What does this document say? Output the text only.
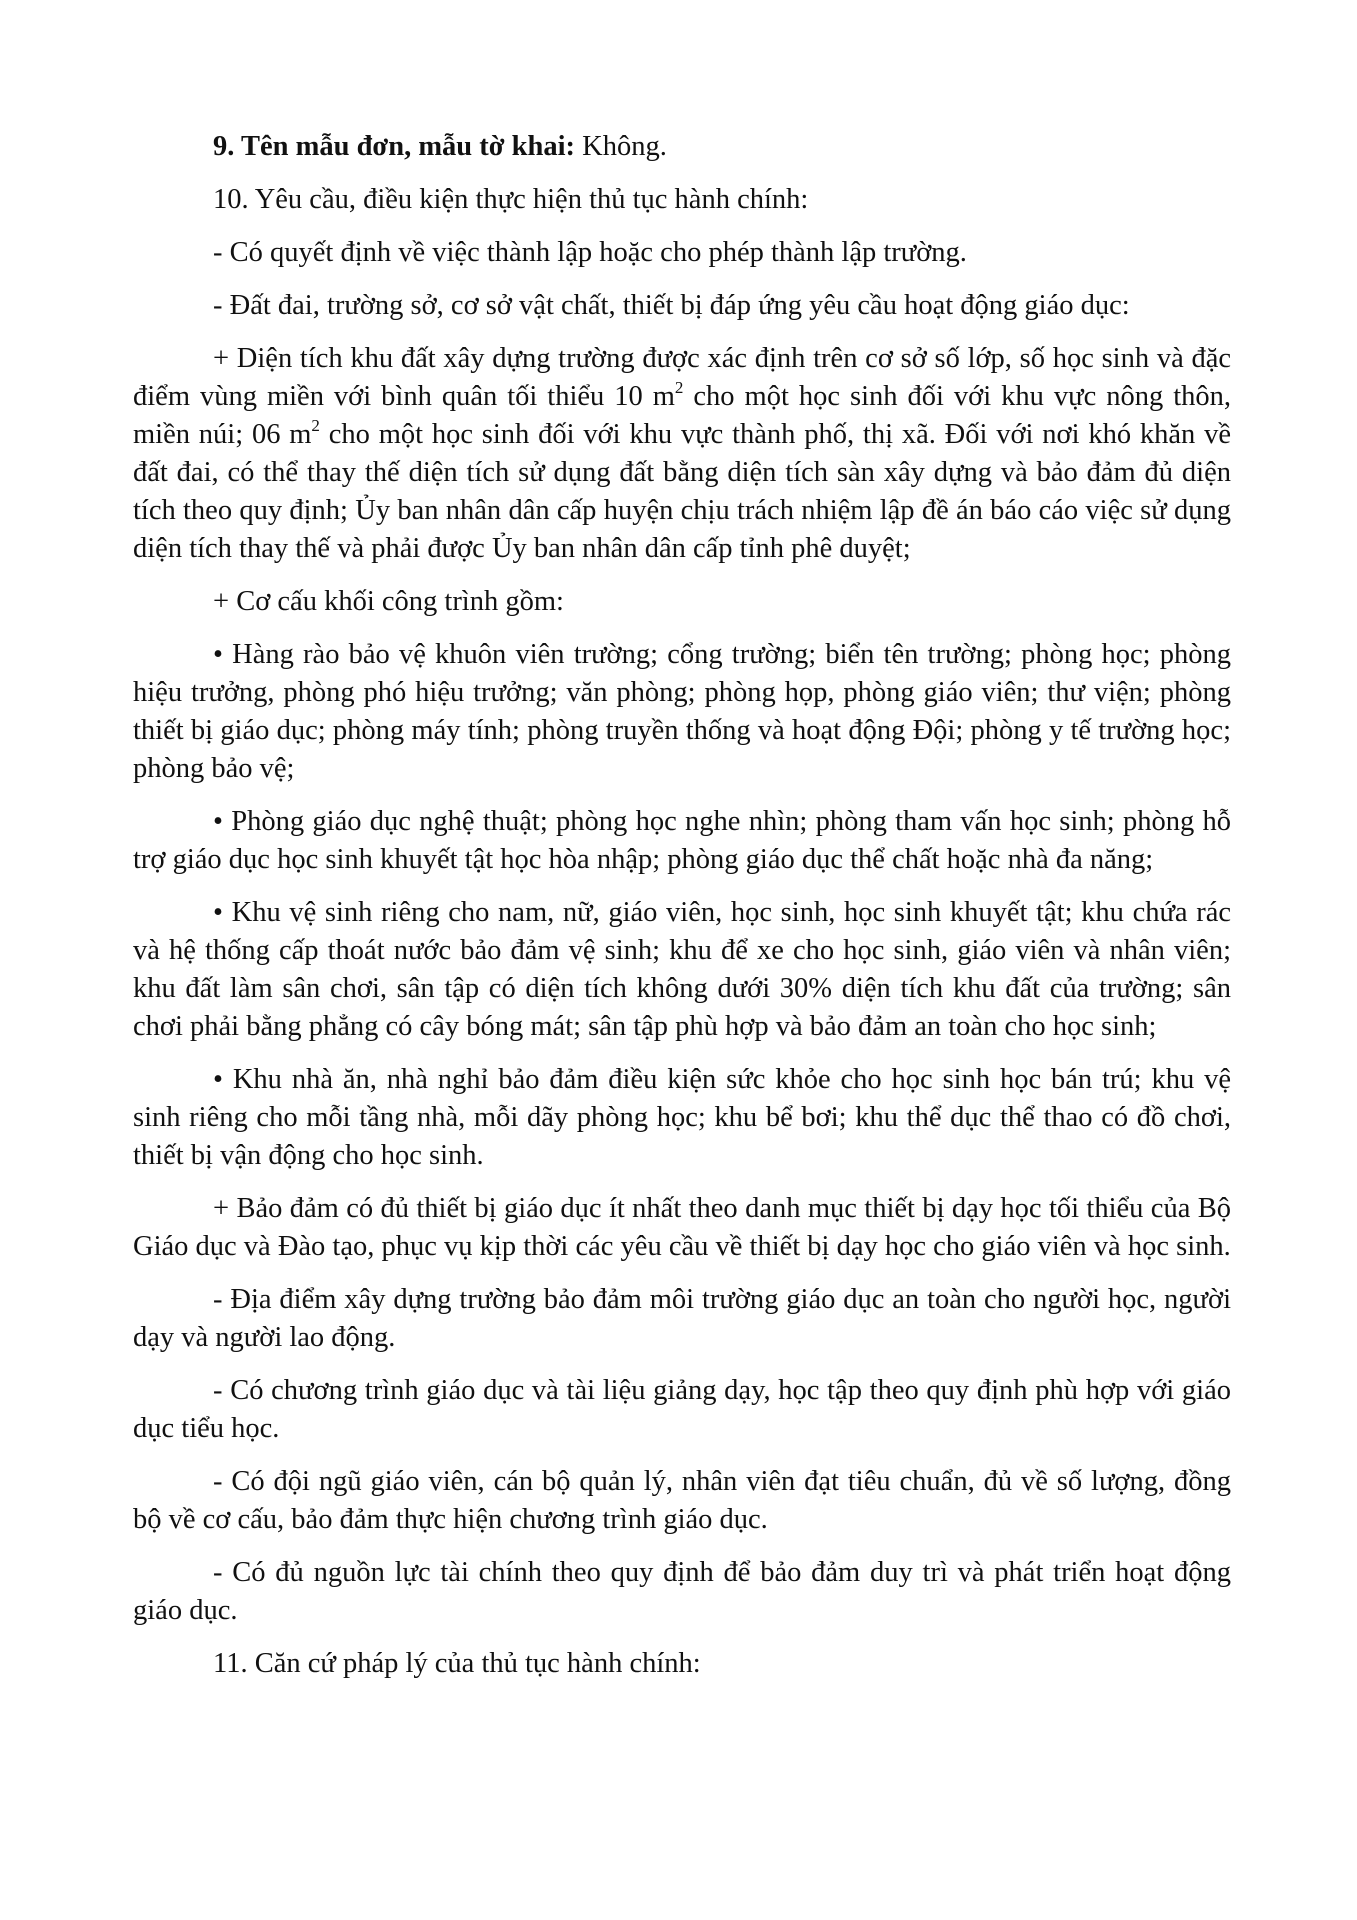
9. Tên mẫu đơn, mẫu tờ khai: Không.

10. Yêu cầu, điều kiện thực hiện thủ tục hành chính:

- Có quyết định về việc thành lập hoặc cho phép thành lập trường.

- Đất đai, trường sở, cơ sở vật chất, thiết bị đáp ứng yêu cầu hoạt động giáo dục:

+ Diện tích khu đất xây dựng trường được xác định trên cơ sở số lớp, số học sinh và đặc điểm vùng miền với bình quân tối thiểu 10 $m^2$ cho một học sinh đối với khu vực nông thôn, miền núi; 06 $m^2$ cho một học sinh đối với khu vực thành phố, thị xã. Đối với nơi khó khăn về đất đai, có thể thay thế diện tích sử dụng đất bằng diện tích sàn xây dựng và bảo đảm đủ diện tích theo quy định; Ủy ban nhân dân cấp huyện chịu trách nhiệm lập đề án báo cáo việc sử dụng diện tích thay thế và phải được Ủy ban nhân dân cấp tỉnh phê duyệt;

+ Cơ cấu khối công trình gồm:

• Hàng rào bảo vệ khuôn viên trường; cổng trường; biển tên trường; phòng học; phòng hiệu trưởng, phòng phó hiệu trưởng; văn phòng; phòng họp, phòng giáo viên; thư viện; phòng thiết bị giáo dục; phòng máy tính; phòng truyền thống và hoạt động Đội; phòng y tế trường học; phòng bảo vệ;

• Phòng giáo dục nghệ thuật; phòng học nghe nhìn; phòng tham vấn học sinh; phòng hỗ trợ giáo dục học sinh khuyết tật học hòa nhập; phòng giáo dục thể chất hoặc nhà đa năng;

• Khu vệ sinh riêng cho nam, nữ, giáo viên, học sinh, học sinh khuyết tật; khu chứa rác và hệ thống cấp thoát nước bảo đảm vệ sinh; khu để xe cho học sinh, giáo viên và nhân viên; khu đất làm sân chơi, sân tập có diện tích không dưới 30% diện tích khu đất của trường; sân chơi phải bằng phẳng có cây bóng mát; sân tập phù hợp và bảo đảm an toàn cho học sinh;

• Khu nhà ăn, nhà nghỉ bảo đảm điều kiện sức khỏe cho học sinh học bán trú; khu vệ sinh riêng cho mỗi tầng nhà, mỗi dãy phòng học; khu bể bơi; khu thể dục thể thao có đồ chơi, thiết bị vận động cho học sinh.

+ Bảo đảm có đủ thiết bị giáo dục ít nhất theo danh mục thiết bị dạy học tối thiểu của Bộ Giáo dục và Đào tạo, phục vụ kịp thời các yêu cầu về thiết bị dạy học cho giáo viên và học sinh.

- Địa điểm xây dựng trường bảo đảm môi trường giáo dục an toàn cho người học, người dạy và người lao động.

- Có chương trình giáo dục và tài liệu giảng dạy, học tập theo quy định phù hợp với giáo dục tiểu học.

- Có đội ngũ giáo viên, cán bộ quản lý, nhân viên đạt tiêu chuẩn, đủ về số lượng, đồng bộ về cơ cấu, bảo đảm thực hiện chương trình giáo dục.

- Có đủ nguồn lực tài chính theo quy định để bảo đảm duy trì và phát triển hoạt động giáo dục.

11. Căn cứ pháp lý của thủ tục hành chính:
